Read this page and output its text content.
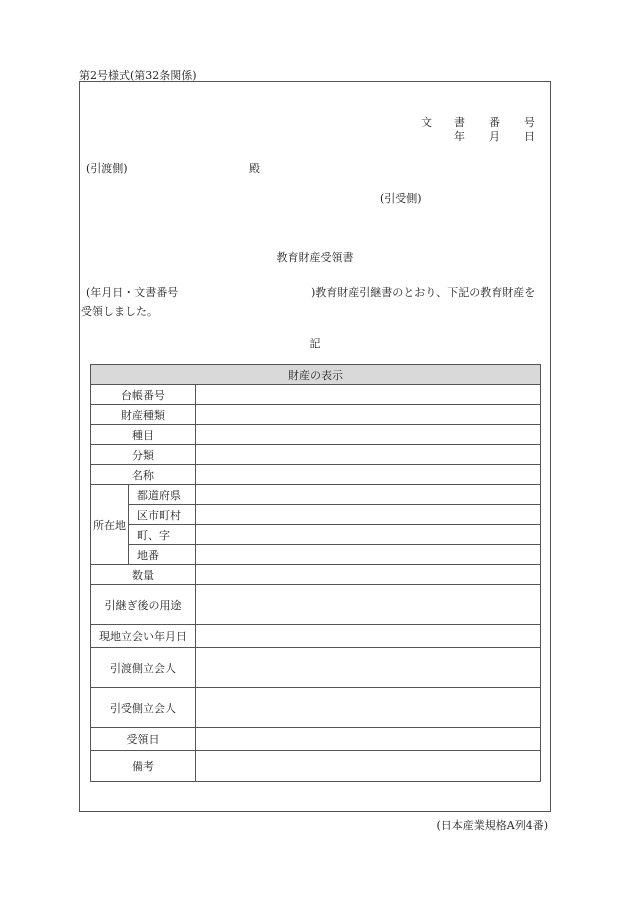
第2号様式(第32条関係)
文 書 番 号
年 月 日
(引渡側)	殿
(引受側)
教育財産受領書
(年月日・文書番号	)教育財産引継書のとおり、下記の教育財産を
受領しました。
記
財産の表示		
台帳番号		
財産種類		
種目		
分類		
名称		
所在地	都道府県	
	区市町村	
	町、字	
	地番	
数量		
引継ぎ後の用途		
現地立会い年月日		
引渡側立会人		
引受側立会人		
受領日		
備考		
(日本産業規格A列4番)
